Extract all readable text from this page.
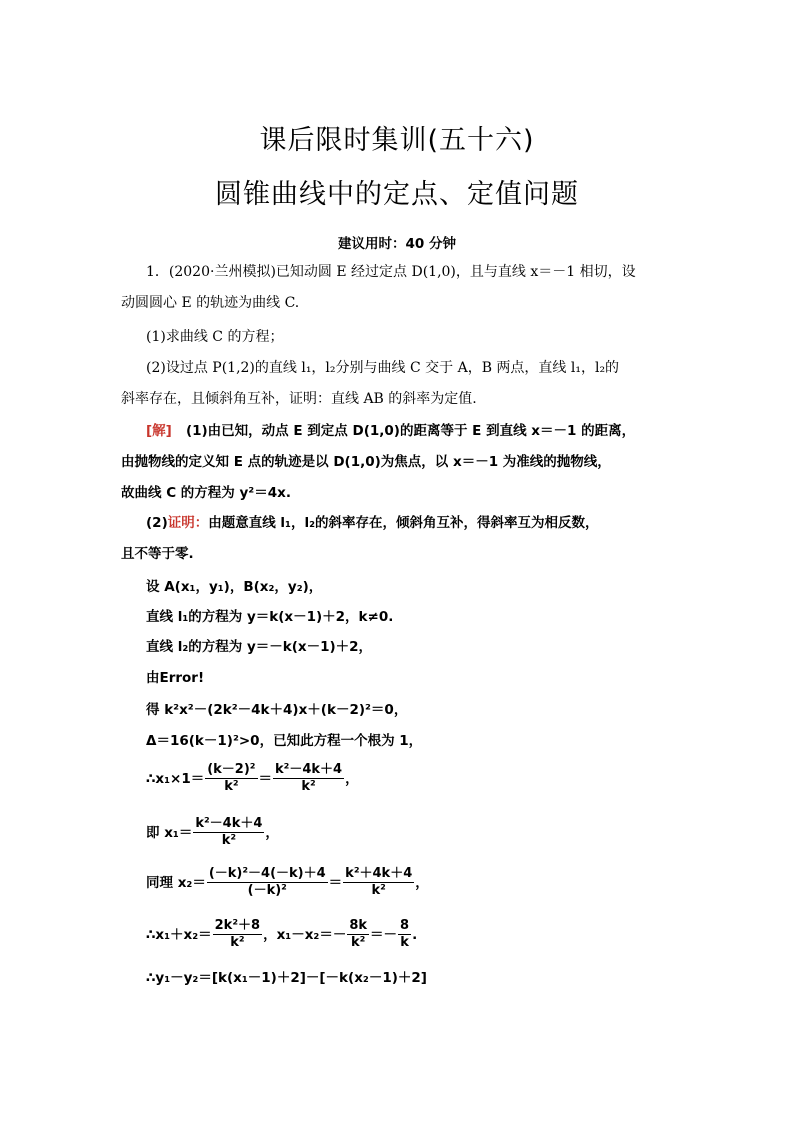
课后限时集训(五十六)
圆锥曲线中的定点、定值问题
建议用时：40 分钟
1．(2020·兰州模拟)已知动圆 E 经过定点 D(1,0)，且与直线 x＝－1 相切，设
动圆圆心 E 的轨迹为曲线 C.
(1)求曲线 C 的方程；
(2)设过点 P(1,2)的直线 l₁，l₂分别与曲线 C 交于 A，B 两点，直线 l₁，l₂的
斜率存在，且倾斜角互补，证明：直线 AB 的斜率为定值.
[解] (1)由已知，动点 E 到定点 D(1,0)的距离等于 E 到直线 x＝－1 的距离，
由抛物线的定义知 E 点的轨迹是以 D(1,0)为焦点，以 x＝－1 为准线的抛物线，
故曲线 C 的方程为 y²＝4x.
(2)证明：由题意直线 l₁，l₂的斜率存在，倾斜角互补，得斜率互为相反数，
且不等于零.
设 A(x₁，y₁)，B(x₂，y₂)，
直线 l₁的方程为 y＝k(x－1)＋2，k≠0.
直线 l₂的方程为 y＝－k(x－1)＋2，
由Error!
得 k²x²－(2k²－4k＋4)x＋(k－2)²＝0，
Δ＝16(k－1)²>0，已知此方程一个根为 1，
∴x₁×1＝ $\frac{\text{(k－2)²}}{\text{k²}} = \frac{\text{k²－4k＋4}}{\text{k²}}$ ，
即 $x_1= \frac{\text{k²－4k＋4}}{\text{k²}}$ ，
同理 $x_2= \frac{\text{(－k)²－4(－k)＋4}}{\text{(－k)²}} = \frac{\text{k²＋4k＋4}}{\text{k²}}$ ，
∴x₁＋x₂＝ $\frac{\text{2k²＋8}}{\text{k²}}$ ，$x_1-x_2=- \frac{8k}{\text{k²}} =- \frac{8}{k}$ .
∴y₁－y₂＝[k(x₁－1)＋2]－[－k(x₂－1)＋2]
